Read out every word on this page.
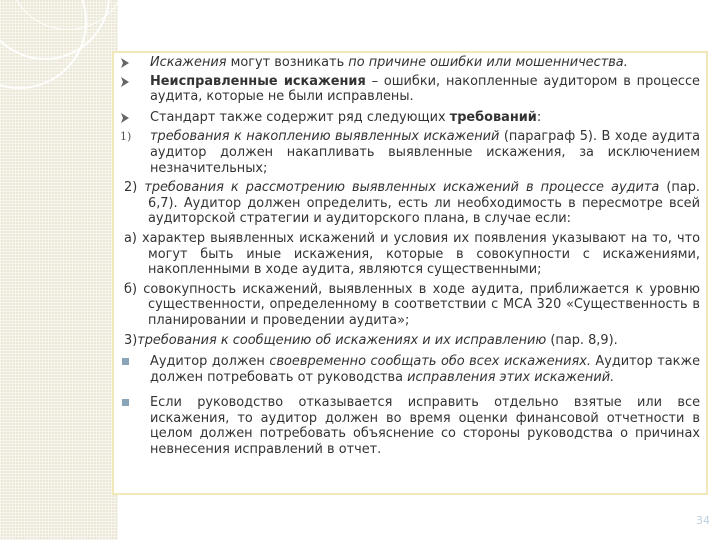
Искажения могут возникать по причине ошибки или мошенничества.
Неисправленные искажения – ошибки, накопленные аудитором в процессе аудита, которые не были исправлены.
Стандарт также содержит ряд следующих требований:
1)	требования к накоплению выявленных искажений (параграф 5). В ходе аудита аудитор должен накапливать выявленные искажения, за исключением незначительных;
2) требования к рассмотрению выявленных искажений в процессе аудита (пар. 6,7). Аудитор должен определить, есть ли необходимость в пересмотре всей аудиторской стратегии и аудиторского плана, в случае если:
а) характер выявленных искажений и условия их появления указывают на то, что могут быть иные искажения, которые в совокупности с искажениями, накопленными в ходе аудита, являются существенными;
б) совокупность искажений, выявленных в ходе аудита, приближается к уровню существенности, определенному в соответствии с МСА 320 «Существенность в планировании и проведении аудита»;
3)требования к сообщению об искажениях и их исправлению (пар. 8,9).
Аудитор должен своевременно сообщать обо всех искажениях. Аудитор также должен потребовать от руководства исправления этих искажений.
Если руководство отказывается исправить отдельно взятые или все искажения, то аудитор должен во время оценки финансовой отчетности в целом должен потребовать объяснение со стороны руководства о причинах невнесения исправлений в отчет.
34
